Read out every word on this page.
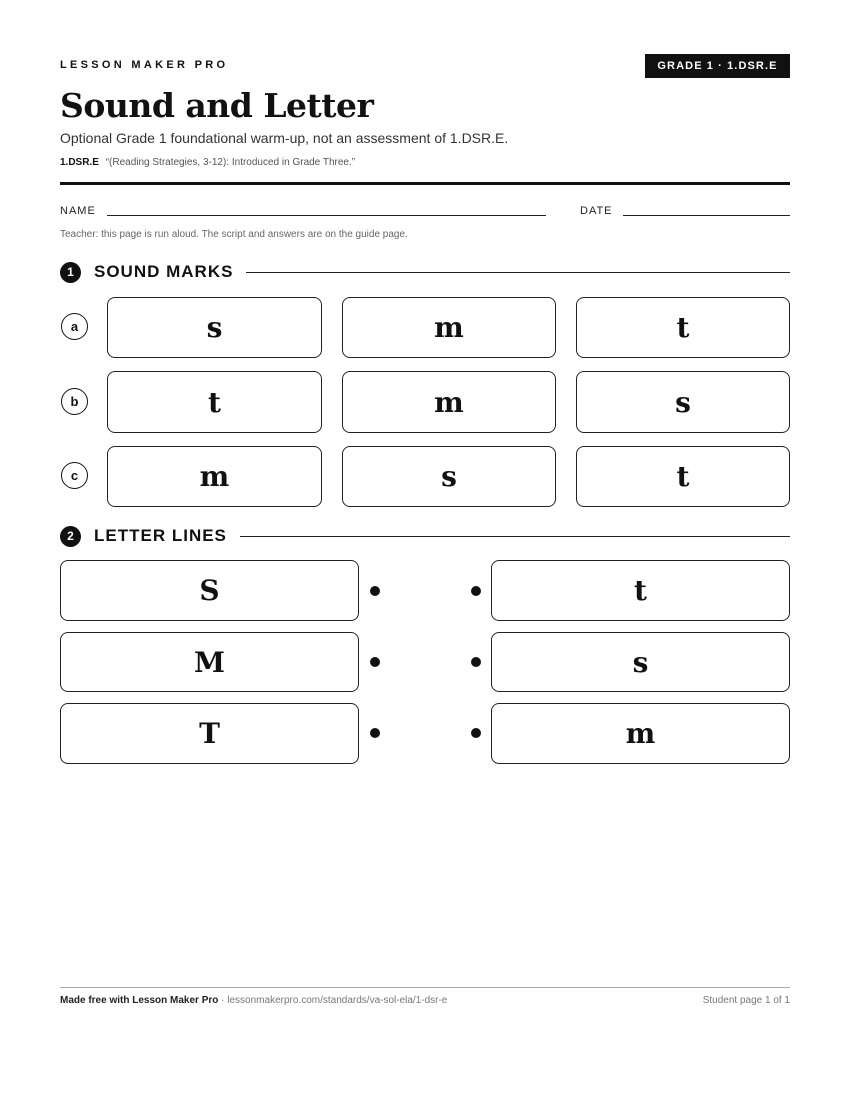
LESSON MAKER PRO	GRADE 1 · 1.DSR.E
Sound and Letter
Optional Grade 1 foundational warm-up, not an assessment of 1.DSR.E.
1.DSR.E “(Reading Strategies, 3-12): Introduced in Grade Three.”
NAME	DATE
Teacher: this page is run aloud. The script and answers are on the guide page.
1	SOUND MARKS
a	s	m	t
b	t	m	s
c	m	s	t
2	LETTER LINES
S	t
M	s
T	m
Made free with Lesson Maker Pro · lessonmakerpro.com/standards/va-sol-ela/1-dsr-e	Student page 1 of 1
